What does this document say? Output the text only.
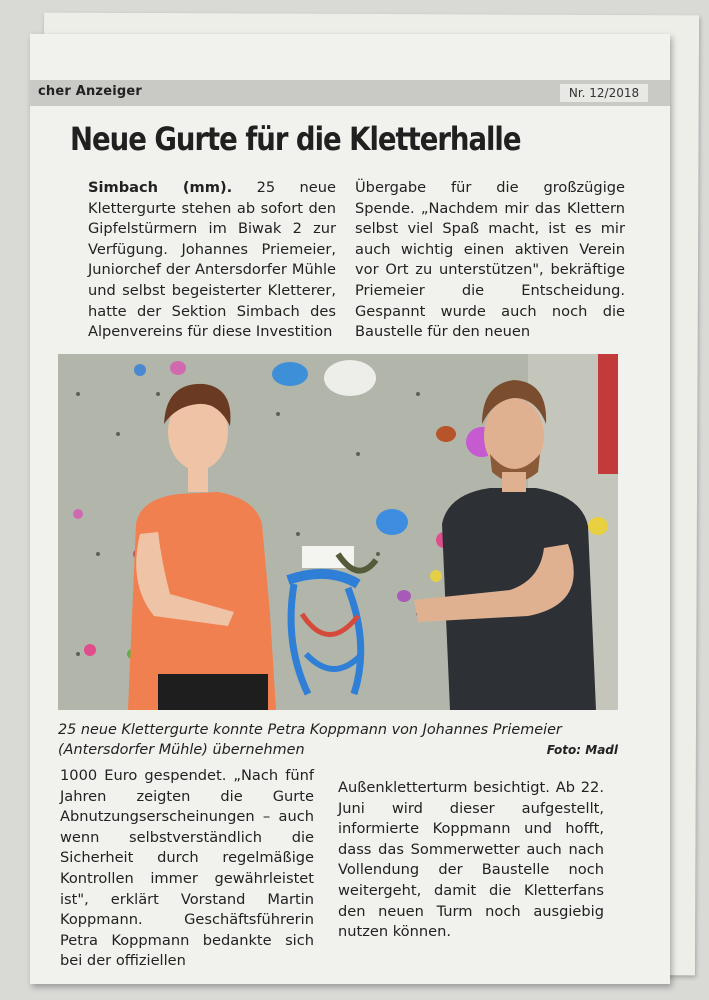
cher Anzeiger	Nr. 12/2018
Neue Gurte für die Kletterhalle

Simbach (mm). 25 neue Klettergurte stehen ab sofort den Gipfelstürmern im Biwak 2 zur Verfügung. Johannes Priemeier, Juniorchef der Antersdorfer Mühle und selbst begeisterter Kletterer, hatte der Sektion Simbach des Alpenvereins für diese Investition

Übergabe für die großzügige Spende. „Nachdem mir das Klettern selbst viel Spaß macht, ist es mir auch wichtig einen aktiven Verein vor Ort zu unterstützen", bekräftige Priemeier die Entscheidung. Gespannt wurde auch noch die Baustelle für den neuen

25 neue Klettergurte konnte Petra Koppmann von Johannes Priemeier (Antersdorfer Mühle) übernehmen	Foto: Madl

1000 Euro gespendet. „Nach fünf Jahren zeigten die Gurte Abnutzungserscheinungen – auch wenn selbstverständlich die Sicherheit durch regelmäßige Kontrollen immer gewährleistet ist", erklärt Vorstand Martin Koppmann. Geschäftsführerin Petra Koppmann bedankte sich bei der offiziellen

Außenkletterturm besichtigt. Ab 22. Juni wird dieser aufgestellt, informierte Koppmann und hofft, dass das Sommerwetter auch nach Vollendung der Baustelle noch weitergeht, damit die Kletterfans den neuen Turm noch ausgiebig nutzen können.
